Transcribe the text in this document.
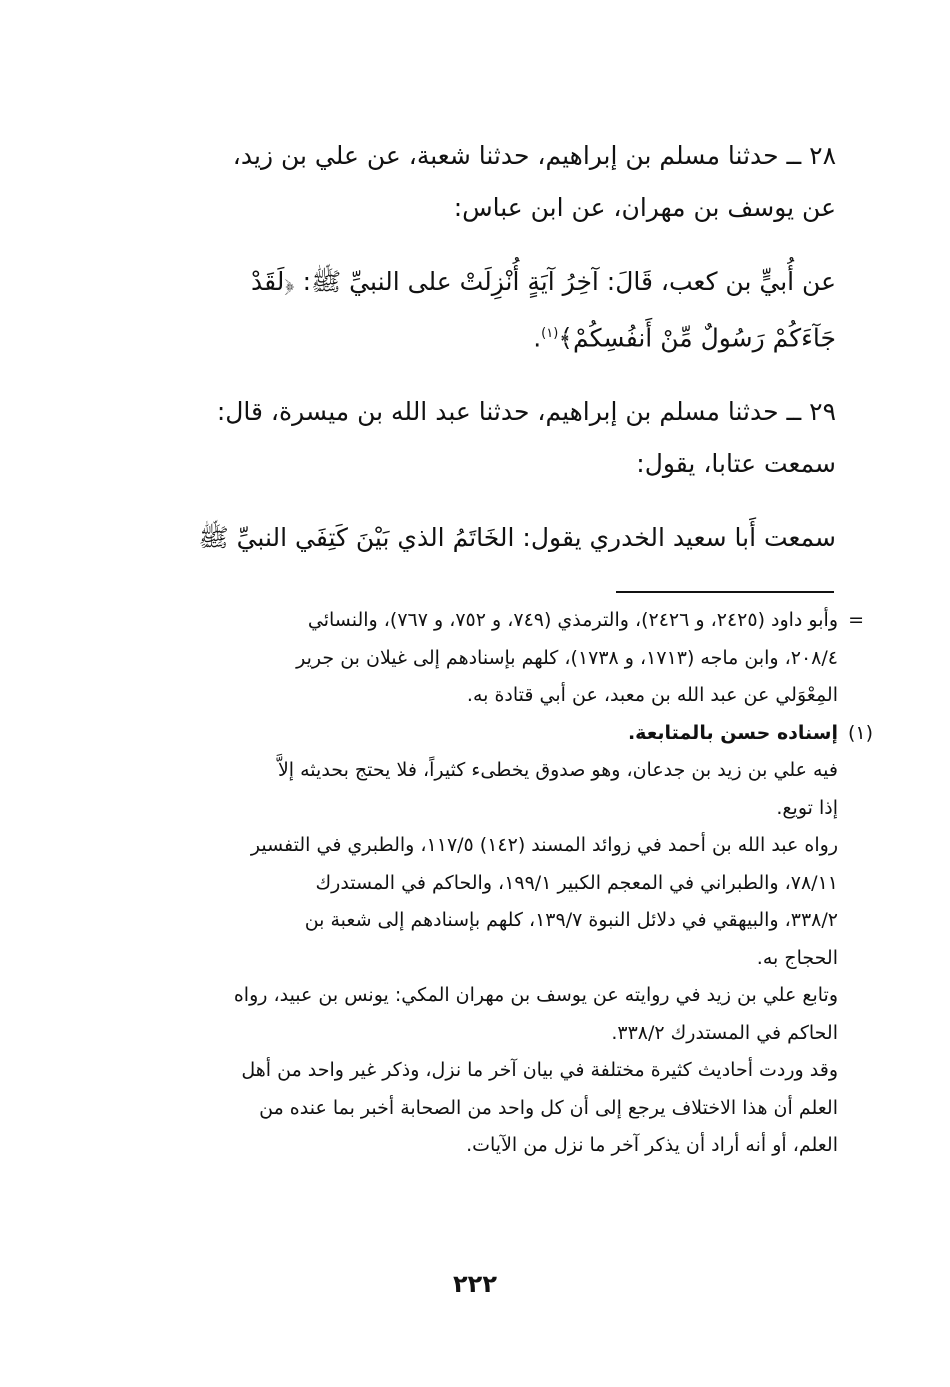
٢٨ ــ حدثنا مسلم بن إبراهيم، حدثنا شعبة، عن علي بن زيد،

عن يوسف بن مهران، عن ابن عباس:

عن أُبيٍّ بن كعب، قَالَ: آخِرُ آيَةٍ أُنْزِلَتْ على النبيِّ ﷺ: ﴿لَقَدْ

جَآءَكُمْ رَسُولٌ مِّنْ أَنفُسِكُمْ﴾$^{(١)}$.

٢٩ ــ حدثنا مسلم بن إبراهيم، حدثنا عبد الله بن ميسرة، قال:

سمعت عتابا، يقول:

سمعت أَبا سعيد الخدري يقول: الخَاتَمُ الذي بَيْنَ كَتِفَي النبيِّ ﷺ

=
وأبو داود (٢٤٢٥، و ٢٤٢٦)، والترمذي (٧٤٩، و ٧٥٢، و ٧٦٧)، والنسائي

٢٠٨/٤، وابن ماجه (١٧١٣، و ١٧٣٨)، كلهم بإسنادهم إلى غيلان بن جرير

المِعْوَلي عن عبد الله بن معبد، عن أبي قتادة به.

(١)
إسناده حسن بالمتابعة.

فيه علي بن زيد بن جدعان، وهو صدوق يخطىء كثيراً، فلا يحتج بحديثه إلاَّ

إذا تويع.

رواه عبد الله بن أحمد في زوائد المسند (١٤٢) ١١٧/٥، والطبري في التفسير

٧٨/١١، والطبراني في المعجم الكبير ١٩٩/١، والحاكم في المستدرك

٣٣٨/٢، والبيهقي في دلائل النبوة ١٣٩/٧، كلهم بإسنادهم إلى شعبة بن

الحجاج به.

وتابع علي بن زيد في روايته عن يوسف بن مهران المكي: يونس بن عبيد، رواه

الحاكم في المستدرك ٣٣٨/٢.

وقد وردت أحاديث كثيرة مختلفة في بيان آخر ما نزل، وذكر غير واحد من أهل

العلم أن هذا الاختلاف يرجع إلى أن كل واحد من الصحابة أخبر بما عنده من

العلم، أو أنه أراد أن يذكر آخر ما نزل من الآيات.

٢٢٢
